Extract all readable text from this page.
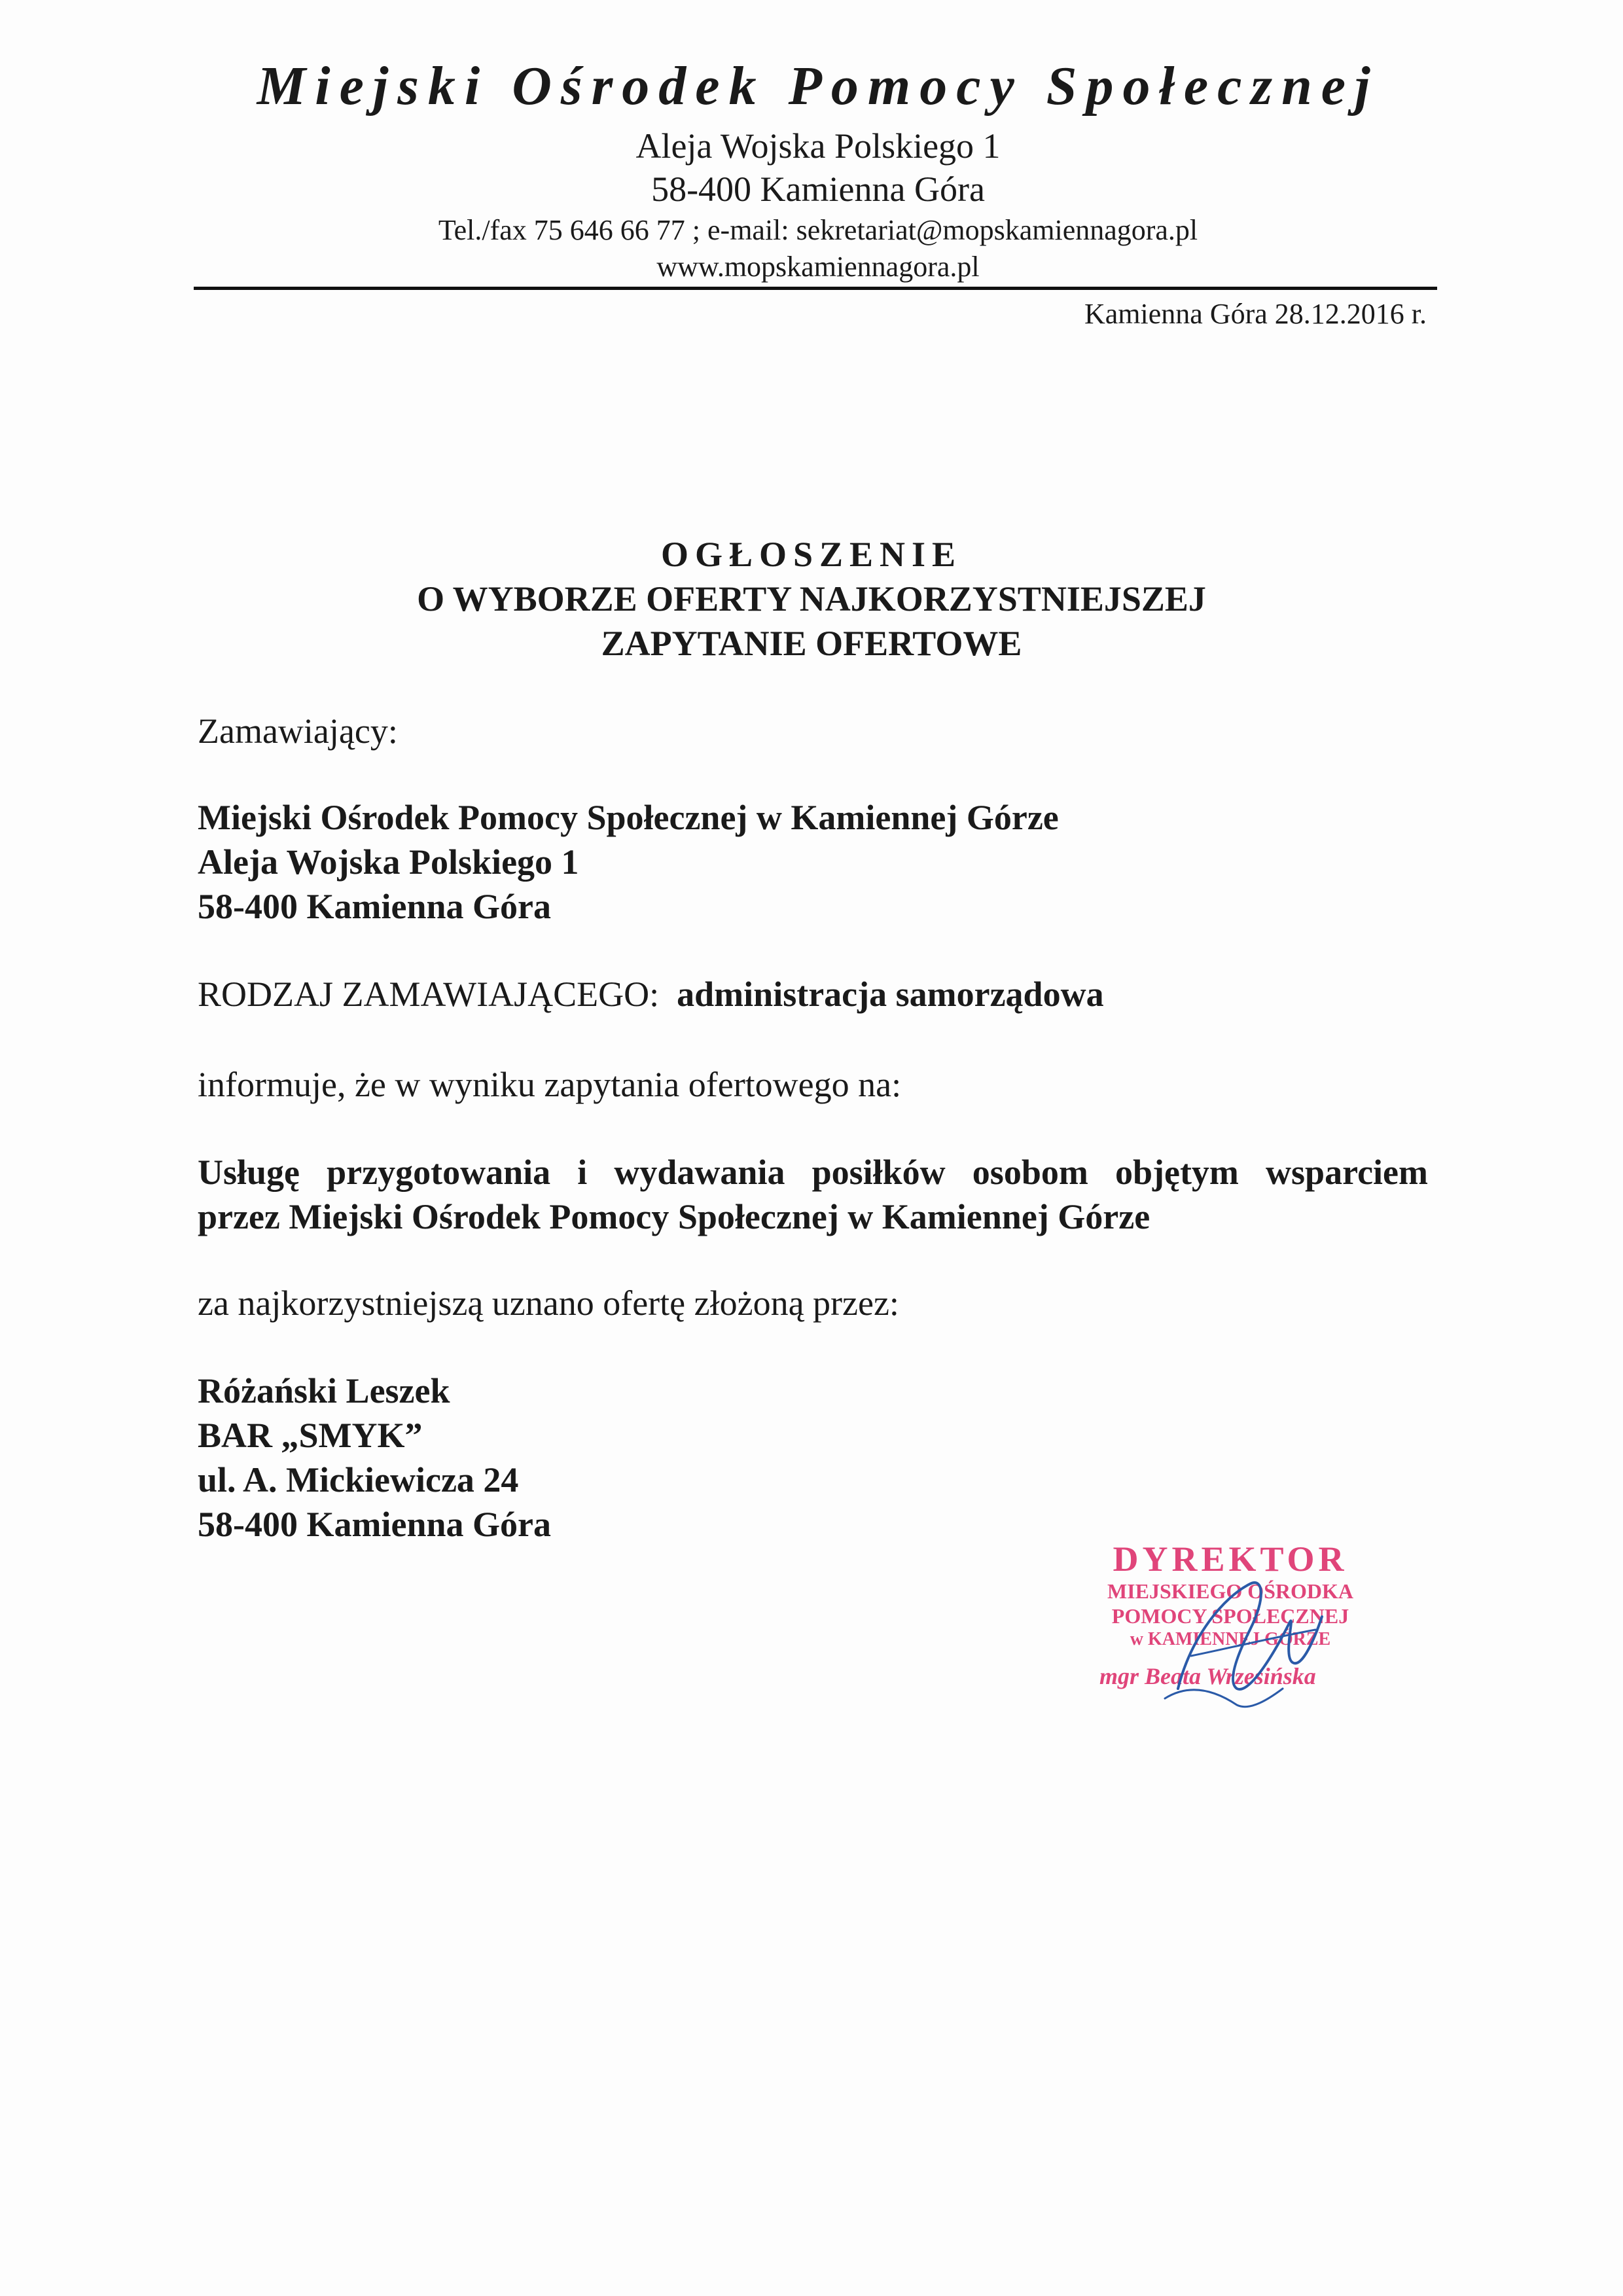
Miejski Ośrodek Pomocy Społecznej
Aleja Wojska Polskiego 1
58-400 Kamienna Góra
Tel./fax 75 646 66 77 ; e-mail: sekretariat@mopskamiennagora.pl
www.mopskamiennagora.pl
Kamienna Góra 28.12.2016 r.
OGŁOSZENIE
O WYBORZE OFERTY NAJKORZYSTNIEJSZEJ
ZAPYTANIE OFERTOWE
Zamawiający:
Miejski Ośrodek Pomocy Społecznej w Kamiennej Górze
Aleja Wojska Polskiego 1
58-400 Kamienna Góra
RODZAJ ZAMAWIAJĄCEGO: administracja samorządowa
informuje, że w wyniku zapytania ofertowego na:
Usługę przygotowania i wydawania posiłków osobom objętym wsparciem
przez Miejski Ośrodek Pomocy Społecznej w Kamiennej Górze
za najkorzystniejszą uznano ofertę złożoną przez:
Różański Leszek
BAR „SMYK”
ul. A. Mickiewicza 24
58-400 Kamienna Góra
DYREKTOR
MIEJSKIEGO OŚRODKA
POMOCY SPOŁECZNEJ
w KAMIENNEJ GÓRZE
mgr Beata Wrzesińska
